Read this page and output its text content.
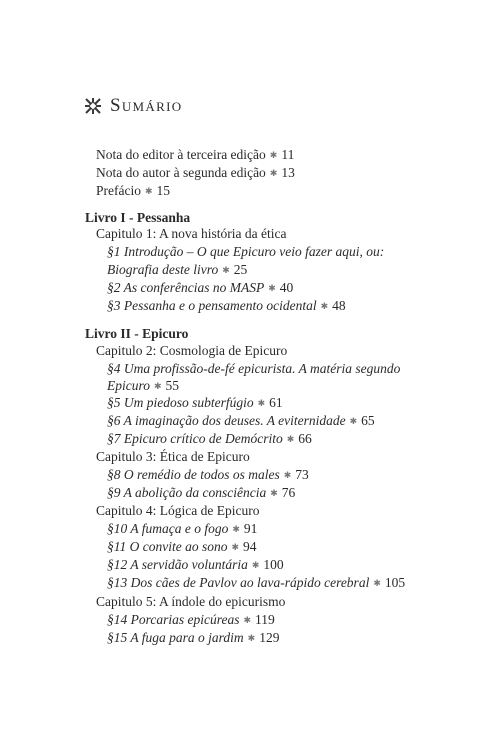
Sumário
Nota do editor à terceira edição ✱ 11
Nota do autor à segunda edição ✱ 13
Prefácio ✱ 15
Livro I - Pessanha
Capitulo 1: A nova história da ética
§1 Introdução – O que Epicuro veio fazer aqui, ou:
Biografia deste livro ✱ 25
§2 As conferências no MASP ✱ 40
§3 Pessanha e o pensamento ocidental ✱ 48
Livro II - Epicuro
Capitulo 2: Cosmologia de Epicuro
§4 Uma profissão-de-fé epicurista. A matéria segundo
Epicuro ✱ 55
§5 Um piedoso subterfúgio ✱ 61
§6 A imaginação dos deuses. A eviternidade ✱ 65
§7 Epicuro crítico de Demócrito ✱ 66
Capitulo 3: Ética de Epicuro
§8 O remédio de todos os males ✱ 73
§9 A abolição da consciência ✱ 76
Capitulo 4: Lógica de Epicuro
§10 A fumaça e o fogo ✱ 91
§11 O convite ao sono ✱ 94
§12 A servidão voluntária ✱ 100
§13 Dos cães de Pavlov ao lava-rápido cerebral ✱ 105
Capitulo 5: A índole do epicurismo
§14 Porcarias epicúreas ✱ 119
§15 A fuga para o jardim ✱ 129
